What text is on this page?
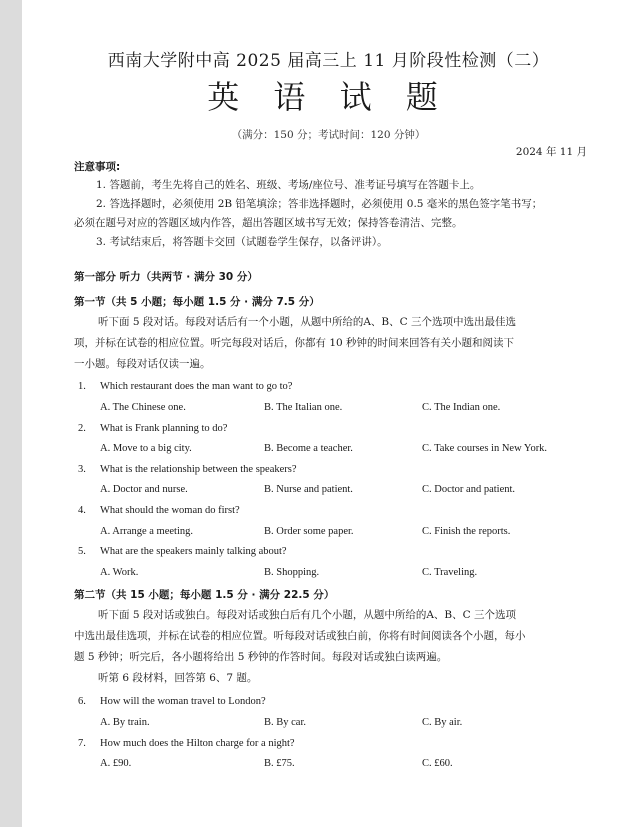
西南大学附中高 2025 届高三上 11 月阶段性检测（二）
英 语 试 题
（满分：150 分；考试时间：120 分钟）
2024 年 11 月
注意事项:
1. 答题前，考生先将自己的姓名、班级、考场/座位号、准考证号填写在答题卡上。
2. 答选择题时，必须使用 2B 铅笔填涂；答非选择题时，必须使用 0.5 毫米的黑色签字笔书写；
必须在题号对应的答题区域内作答，超出答题区域书写无效；保持答卷清洁、完整。
3. 考试结束后，将答题卡交回（试题卷学生保存，以备评讲）。
第一部分 听力（共两节 · 满分 30 分）
第一节（共 5 小题；每小题 1.5 分 · 满分 7.5 分）
听下面 5 段对话。每段对话后有一个小题，从题中所给的A、B、C 三个选项中选出最佳选
项，并标在试卷的相应位置。听完每段对话后，你都有 10 秒钟的时间来回答有关小题和阅读下
一小题。每段对话仅读一遍。
1. Which restaurant does the man want to go to?
A. The Chinese one.	B. The Italian one.	C. The Indian one.
2. What is Frank planning to do?
A. Move to a big city.	B. Become a teacher.	C. Take courses in New York.
3. What is the relationship between the speakers?
A. Doctor and nurse.	B. Nurse and patient.	C. Doctor and patient.
4. What should the woman do first?
A. Arrange a meeting.	B. Order some paper.	C. Finish the reports.
5. What are the speakers mainly talking about?
A. Work.	B. Shopping.	C. Traveling.
第二节（共 15 小题；每小题 1.5 分 · 满分 22.5 分）
听下面 5 段对话或独白。每段对话或独白后有几个小题，从题中所给的A、B、C 三个选项
中选出最佳选项，并标在试卷的相应位置。听每段对话或独白前，你将有时间阅读各个小题，每小
题 5 秒钟；听完后，各小题将给出 5 秒钟的作答时间。每段对话或独白读两遍。
听第 6 段材料，回答第 6、7 题。
6. How will the woman travel to London?
A. By train.	B. By car.	C. By air.
7. How much does the Hilton charge for a night?
A. £90.	B. £75.	C. £60.
